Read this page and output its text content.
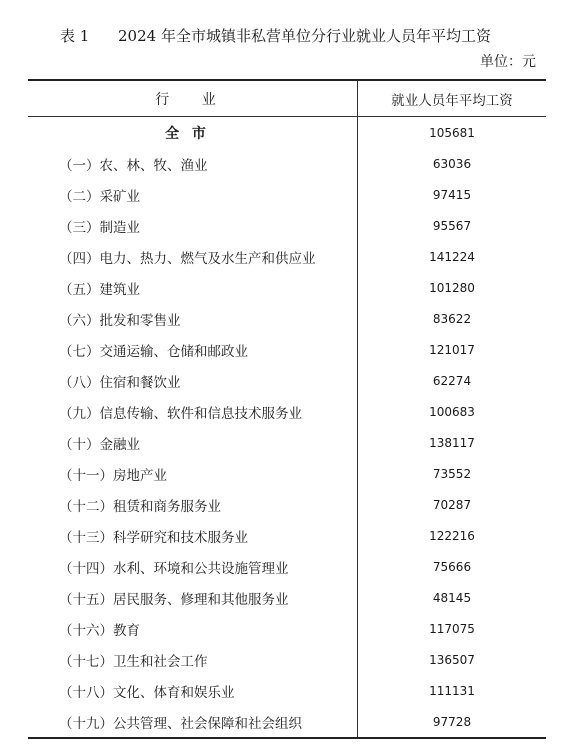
表 1 2024 年全市城镇非私营单位分行业就业人员年平均工资
单位：元
行 业	就业人员年平均工资
全 市	105681
（一）农、林、牧、渔业	63036
（二）采矿业	97415
（三）制造业	95567
（四）电力、热力、燃气及水生产和供应业	141224
（五）建筑业	101280
（六）批发和零售业	83622
（七）交通运输、仓储和邮政业	121017
（八）住宿和餐饮业	62274
（九）信息传输、软件和信息技术服务业	100683
（十）金融业	138117
（十一）房地产业	73552
（十二）租赁和商务服务业	70287
（十三）科学研究和技术服务业	122216
（十四）水利、环境和公共设施管理业	75666
（十五）居民服务、修理和其他服务业	48145
（十六）教育	117075
（十七）卫生和社会工作	136507
（十八）文化、体育和娱乐业	111131
（十九）公共管理、社会保障和社会组织	97728
